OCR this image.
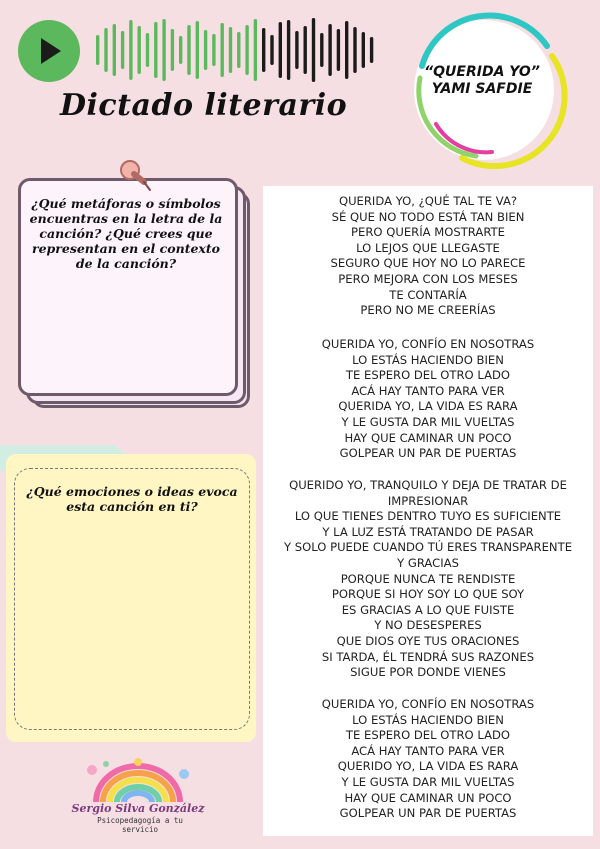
Dictado literario
“QUERIDA YO”
YAMI SAFDIE
¿Qué metáforas o símbolos encuentras en la letra de la canción? ¿Qué crees que representan en el contexto de la canción?
¿Qué emociones o ideas evoca esta canción en ti?
QUERIDA YO, ¿QUÉ TAL TE VA?
SÉ QUE NO TODO ESTÁ TAN BIEN
PERO QUERÍA MOSTRARTE
LO LEJOS QUE LLEGASTE
SEGURO QUE HOY NO LO PARECE
PERO MEJORA CON LOS MESES
TE CONTARÍA
PERO NO ME CREERÍAS
QUERIDA YO, CONFÍO EN NOSOTRAS
LO ESTÁS HACIENDO BIEN
TE ESPERO DEL OTRO LADO
ACÁ HAY TANTO PARA VER
QUERIDA YO, LA VIDA ES RARA
Y LE GUSTA DAR MIL VUELTAS
HAY QUE CAMINAR UN POCO
GOLPEAR UN PAR DE PUERTAS
QUERIDO YO, TRANQUILO Y DEJA DE TRATAR DE
IMPRESIONAR
LO QUE TIENES DENTRO TUYO ES SUFICIENTE
Y LA LUZ ESTÁ TRATANDO DE PASAR
Y SOLO PUEDE CUANDO TÚ ERES TRANSPARENTE
Y GRACIAS
PORQUE NUNCA TE RENDISTE
PORQUE SI HOY SOY LO QUE SOY
ES GRACIAS A LO QUE FUISTE
Y NO DESESPERES
QUE DIOS OYE TUS ORACIONES
SI TARDA, ÉL TENDRÁ SUS RAZONES
SIGUE POR DONDE VIENES
QUERIDA YO, CONFÍO EN NOSOTRAS
LO ESTÁS HACIENDO BIEN
TE ESPERO DEL OTRO LADO
ACÁ HAY TANTO PARA VER
QUERIDO YO, LA VIDA ES RARA
Y LE GUSTA DAR MIL VUELTAS
HAY QUE CAMINAR UN POCO
GOLPEAR UN PAR DE PUERTAS
Sergio Silva González
Psicopedagogía a tu
servicio
